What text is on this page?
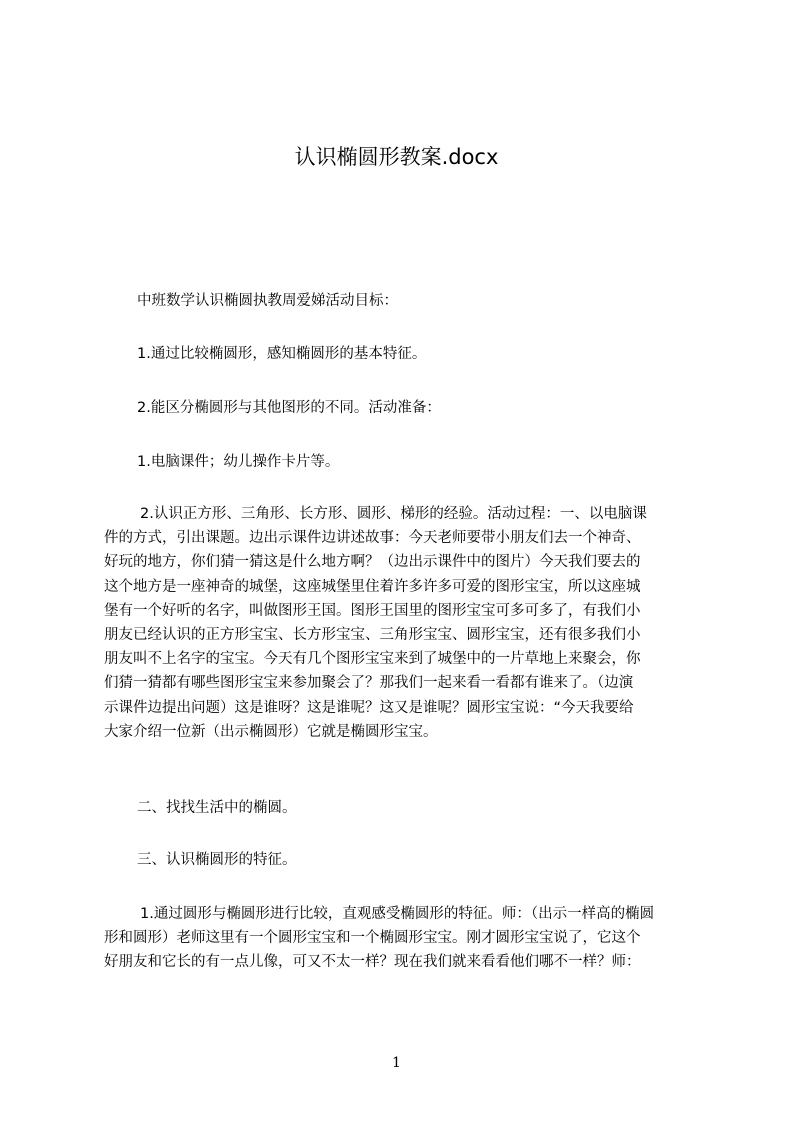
认识椭圆形教案.docx
中班数学认识椭圆执教周爱娣活动目标：
1.通过比较椭圆形，感知椭圆形的基本特征。
2.能区分椭圆形与其他图形的不同。活动准备：
1.电脑课件；幼儿操作卡片等。
2.认识正方形、三角形、长方形、圆形、梯形的经验。活动过程：一、以电脑课
件的方式，引出课题。边出示课件边讲述故事：今天老师要带小朋友们去一个神奇、
好玩的地方，你们猜一猜这是什么地方啊？（边出示课件中的图片）今天我们要去的
这个地方是一座神奇的城堡，这座城堡里住着许多许多可爱的图形宝宝，所以这座城
堡有一个好听的名字，叫做图形王国。图形王国里的图形宝宝可多可多了，有我们小
朋友已经认识的正方形宝宝、长方形宝宝、三角形宝宝、圆形宝宝，还有很多我们小
朋友叫不上名字的宝宝。今天有几个图形宝宝来到了城堡中的一片草地上来聚会，你
们猜一猜都有哪些图形宝宝来参加聚会了？那我们一起来看一看都有谁来了。（边演
示课件边提出问题）这是谁呀？这是谁呢？这又是谁呢？圆形宝宝说：“今天我要给
大家介绍一位新（出示椭圆形）它就是椭圆形宝宝。
二、找找生活中的椭圆。
三、认识椭圆形的特征。
1.通过圆形与椭圆形进行比较，直观感受椭圆形的特征。师：（出示一样高的椭圆
形和圆形）老师这里有一个圆形宝宝和一个椭圆形宝宝。刚才圆形宝宝说了，它这个
好朋友和它长的有一点儿像，可又不太一样？现在我们就来看看他们哪不一样？师：
1
